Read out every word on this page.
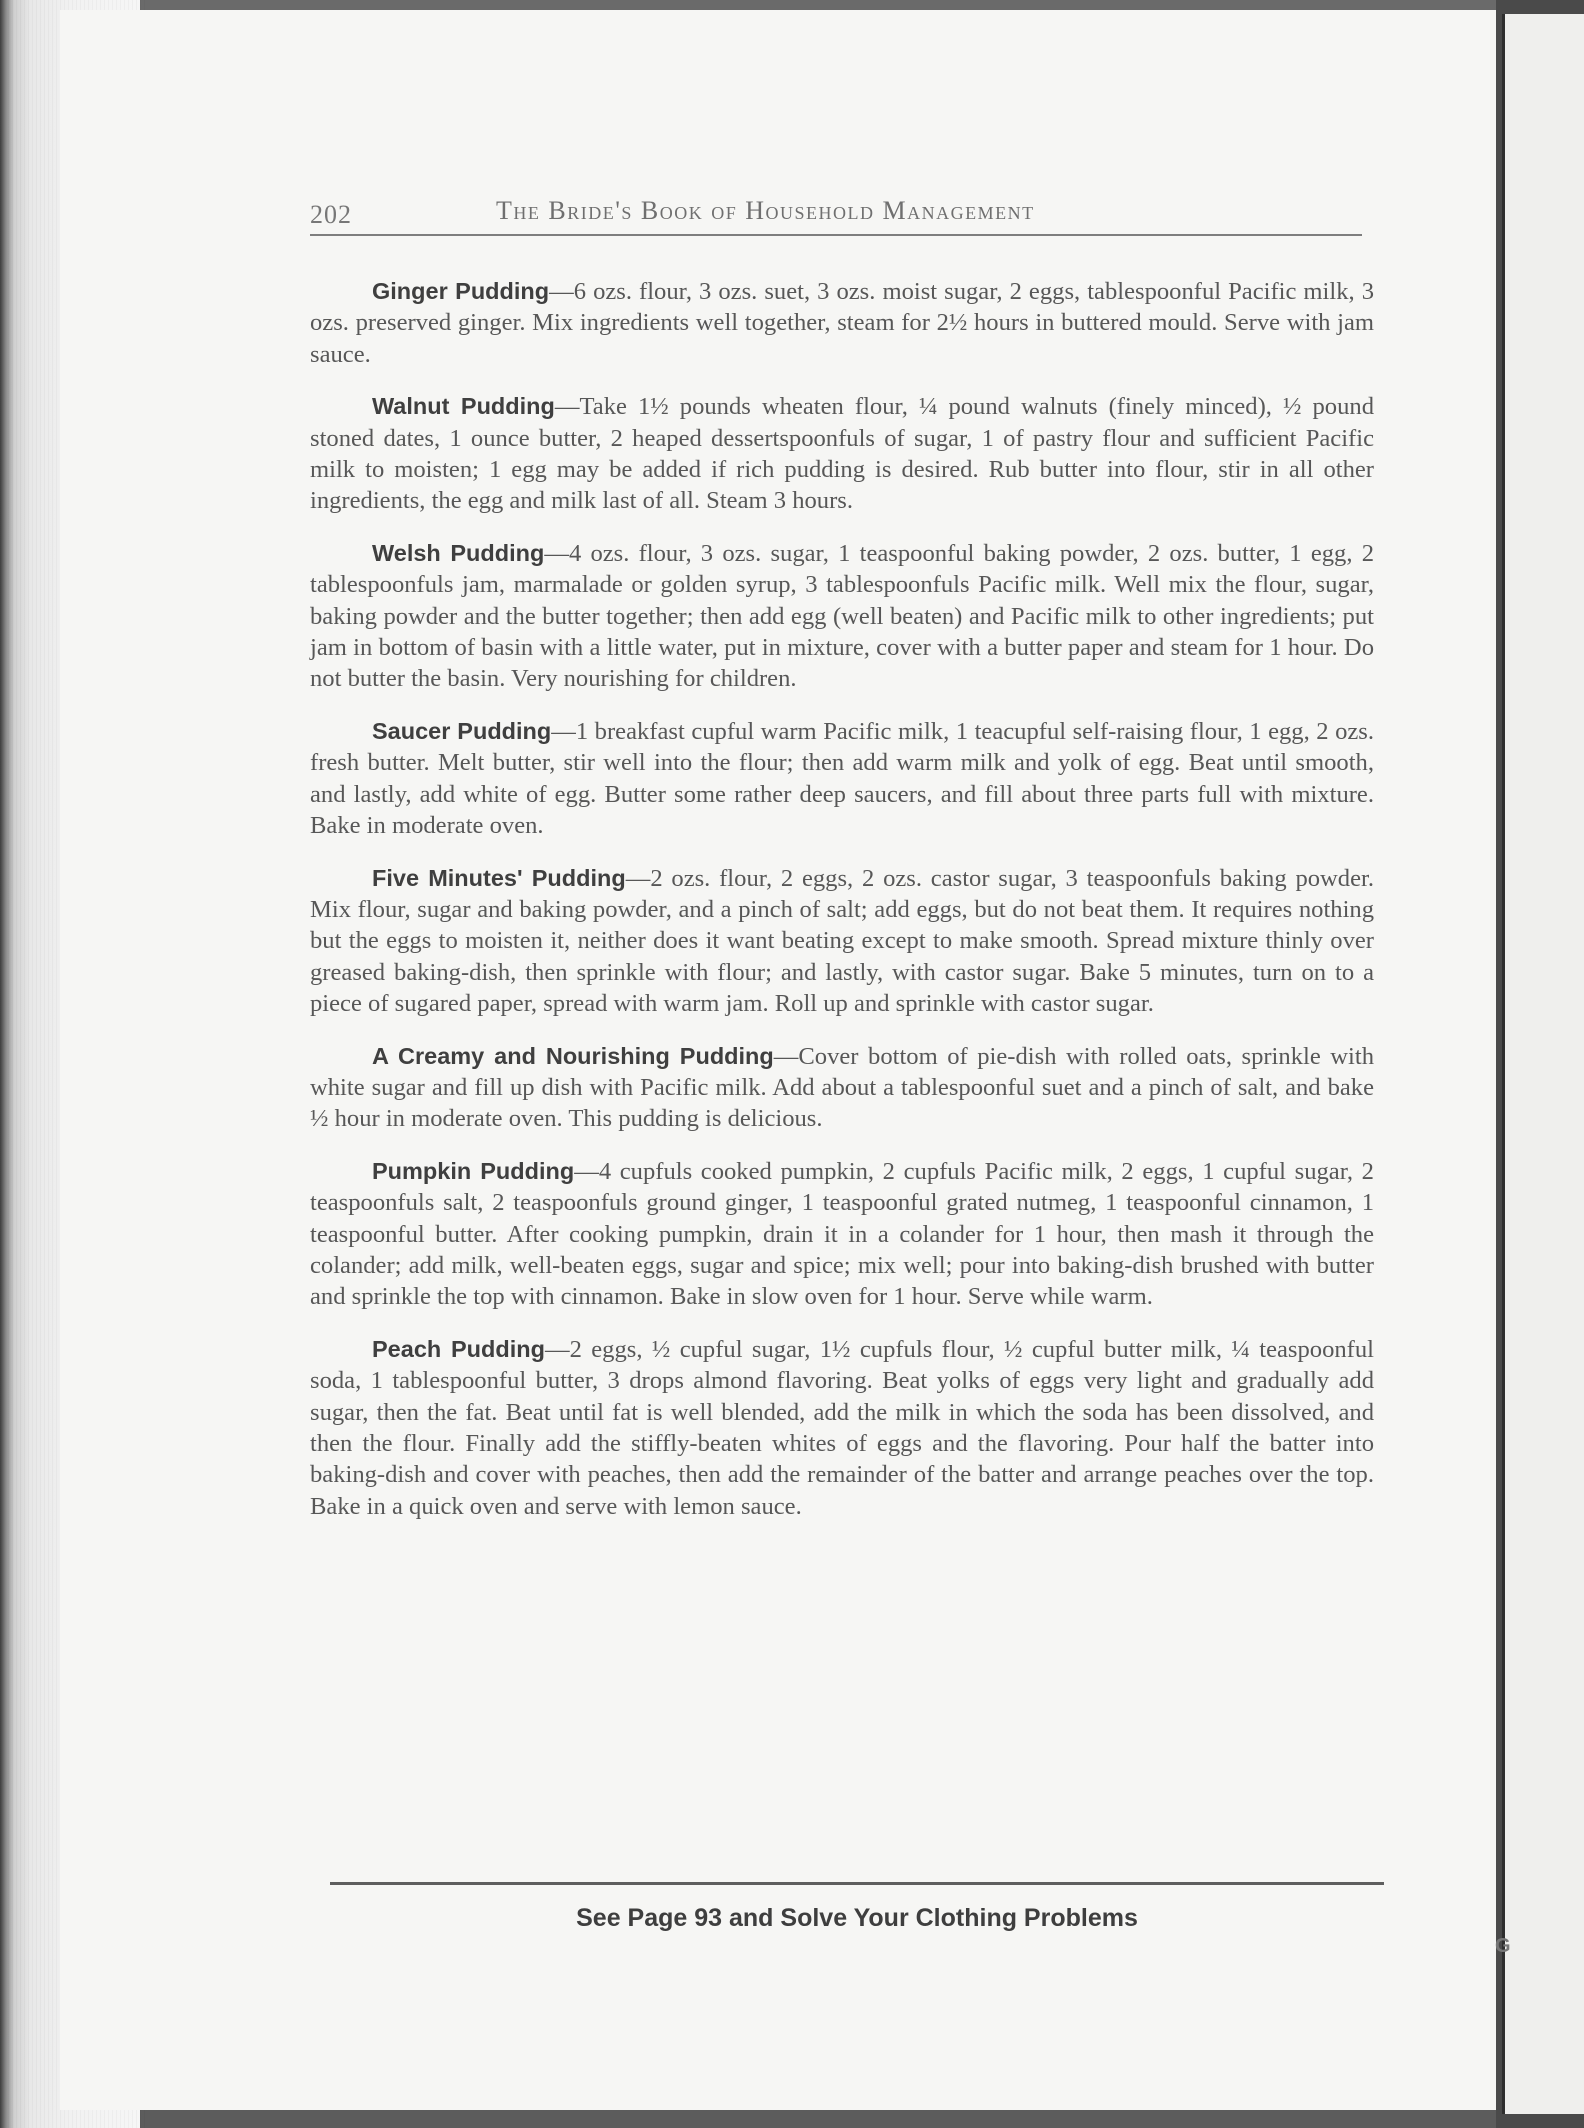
G
202	The Bride's Book of Household Management

Ginger Pudding—6 ozs. flour, 3 ozs. suet, 3 ozs. moist sugar, 2 eggs, tablespoonful Pacific milk, 3 ozs. preserved ginger. Mix ingredients well together, steam for 2½ hours in buttered mould. Serve with jam sauce.

Walnut Pudding—Take 1½ pounds wheaten flour, ¼ pound walnuts (finely minced), ½ pound stoned dates, 1 ounce butter, 2 heaped dessertspoonfuls of sugar, 1 of pastry flour and sufficient Pacific milk to moisten; 1 egg may be added if rich pudding is desired. Rub butter into flour, stir in all other ingredients, the egg and milk last of all. Steam 3 hours.

Welsh Pudding—4 ozs. flour, 3 ozs. sugar, 1 teaspoonful baking powder, 2 ozs. butter, 1 egg, 2 tablespoonfuls jam, marmalade or golden syrup, 3 tablespoonfuls Pacific milk. Well mix the flour, sugar, baking powder and the butter together; then add egg (well beaten) and Pacific milk to other ingredients; put jam in bottom of basin with a little water, put in mixture, cover with a butter paper and steam for 1 hour. Do not butter the basin. Very nourishing for children.

Saucer Pudding—1 breakfast cupful warm Pacific milk, 1 teacupful self-raising flour, 1 egg, 2 ozs. fresh butter. Melt butter, stir well into the flour; then add warm milk and yolk of egg. Beat until smooth, and lastly, add white of egg. Butter some rather deep saucers, and fill about three parts full with mixture. Bake in moderate oven.

Five Minutes' Pudding—2 ozs. flour, 2 eggs, 2 ozs. castor sugar, 3 teaspoonfuls baking powder. Mix flour, sugar and baking powder, and a pinch of salt; add eggs, but do not beat them. It requires nothing but the eggs to moisten it, neither does it want beating except to make smooth. Spread mixture thinly over greased baking-dish, then sprinkle with flour; and lastly, with castor sugar. Bake 5 minutes, turn on to a piece of sugared paper, spread with warm jam. Roll up and sprinkle with castor sugar.

A Creamy and Nourishing Pudding—Cover bottom of pie-dish with rolled oats, sprinkle with white sugar and fill up dish with Pacific milk. Add about a tablespoonful suet and a pinch of salt, and bake ½ hour in moderate oven. This pudding is delicious.

Pumpkin Pudding—4 cupfuls cooked pumpkin, 2 cupfuls Pacific milk, 2 eggs, 1 cupful sugar, 2 teaspoonfuls salt, 2 teaspoonfuls ground ginger, 1 teaspoonful grated nutmeg, 1 teaspoonful cinnamon, 1 teaspoonful butter. After cooking pumpkin, drain it in a colander for 1 hour, then mash it through the colander; add milk, well-beaten eggs, sugar and spice; mix well; pour into baking-dish brushed with butter and sprinkle the top with cinnamon. Bake in slow oven for 1 hour. Serve while warm.

Peach Pudding—2 eggs, ½ cupful sugar, 1½ cupfuls flour, ½ cupful butter milk, ¼ teaspoonful soda, 1 tablespoonful butter, 3 drops almond flavoring. Beat yolks of eggs very light and gradually add sugar, then the fat. Beat until fat is well blended, add the milk in which the soda has been dissolved, and then the flour. Finally add the stiffly-beaten whites of eggs and the flavoring. Pour half the batter into baking-dish and cover with peaches, then add the remainder of the batter and arrange peaches over the top. Bake in a quick oven and serve with lemon sauce.

See Page 93 and Solve Your Clothing Problems
